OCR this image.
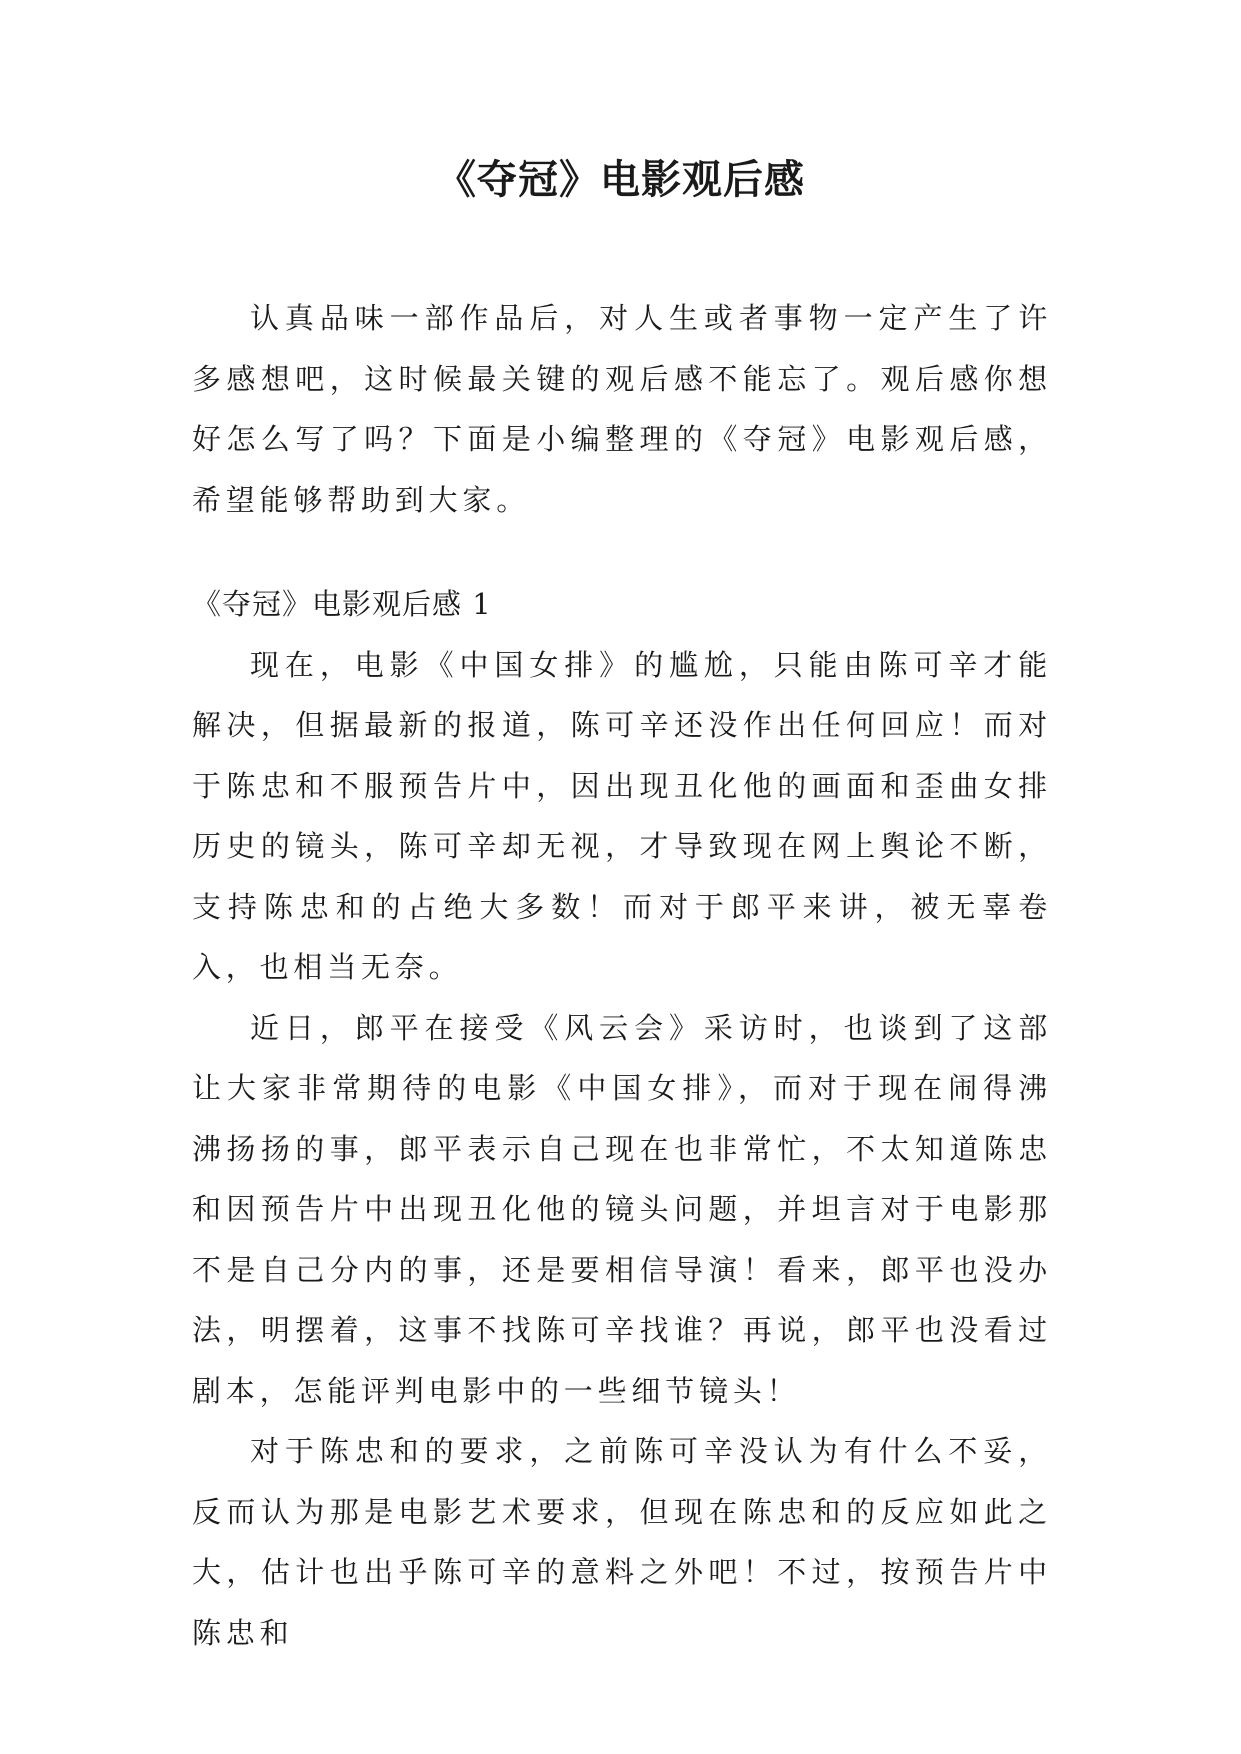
《夺冠》电影观后感

认真品味一部作品后，对人生或者事物一定产生了许多感想吧，这时候最关键的观后感不能忘了。观后感你想好怎么写了吗？下面是小编整理的《夺冠》电影观后感，希望能够帮助到大家。

《夺冠》电影观后感 1

现在，电影《中国女排》的尴尬，只能由陈可辛才能解决，但据最新的报道，陈可辛还没作出任何回应！而对于陈忠和不服预告片中，因出现丑化他的画面和歪曲女排历史的镜头，陈可辛却无视，才导致现在网上舆论不断，支持陈忠和的占绝大多数！而对于郎平来讲，被无辜卷入，也相当无奈。

近日，郎平在接受《风云会》采访时，也谈到了这部让大家非常期待的电影《中国女排》，而对于现在闹得沸沸扬扬的事，郎平表示自己现在也非常忙，不太知道陈忠和因预告片中出现丑化他的镜头问题，并坦言对于电影那不是自己分内的事，还是要相信导演！看来，郎平也没办法，明摆着，这事不找陈可辛找谁？再说，郎平也没看过剧本，怎能评判电影中的一些细节镜头！

对于陈忠和的要求，之前陈可辛没认为有什么不妥，反而认为那是电影艺术要求，但现在陈忠和的反应如此之大，估计也出乎陈可辛的意料之外吧！不过，按预告片中陈忠和
